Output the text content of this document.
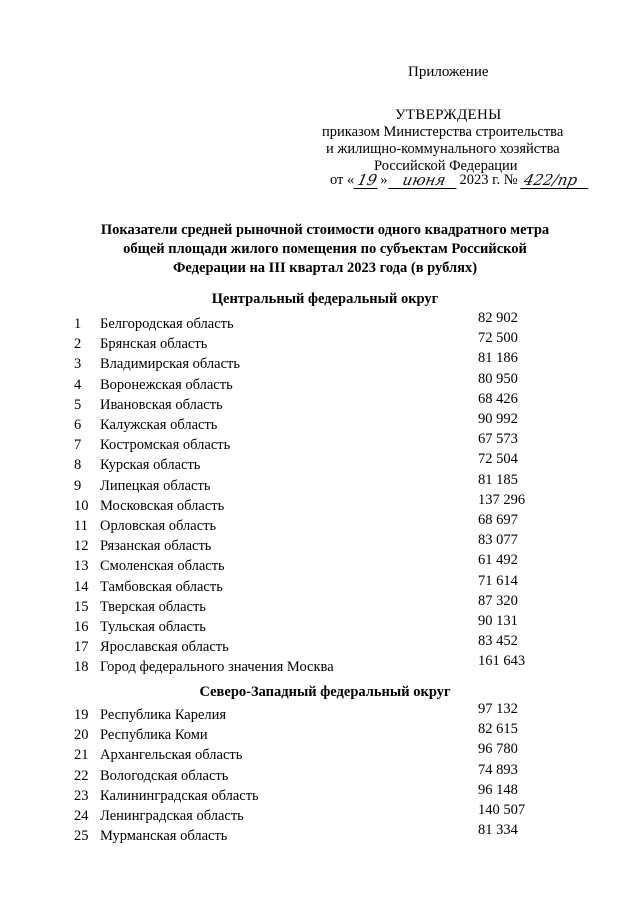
Приложение
УТВЕРЖДЕНЫ
приказом Министерства строительства
и жилищно-коммунального хозяйства
Российской Федерации
от « 19 » июня 2023 г. № 422/пр
Показатели средней рыночной стоимости одного квадратного метра общей площади жилого помещения по субъектам Российской Федерации на III квартал 2023 года (в рублях)
Центральный федеральный округ
1 Белгородская область	82 902
2 Брянская область	72 500
3 Владимирская область	81 186
4 Воронежская область	80 950
5 Ивановская область	68 426
6 Калужская область	90 992
7 Костромская область	67 573
8 Курская область	72 504
9 Липецкая область	81 185
10 Московская область	137 296
11 Орловская область	68 697
12 Рязанская область	83 077
13 Смоленская область	61 492
14 Тамбовская область	71 614
15 Тверская область	87 320
16 Тульская область	90 131
17 Ярославская область	83 452
18 Город федерального значения Москва	161 643
Северо-Западный федеральный округ
19 Республика Карелия	97 132
20 Республика Коми	82 615
21 Архангельская область	96 780
22 Вологодская область	74 893
23 Калининградская область	96 148
24 Ленинградская область	140 507
25 Мурманская область	81 334
